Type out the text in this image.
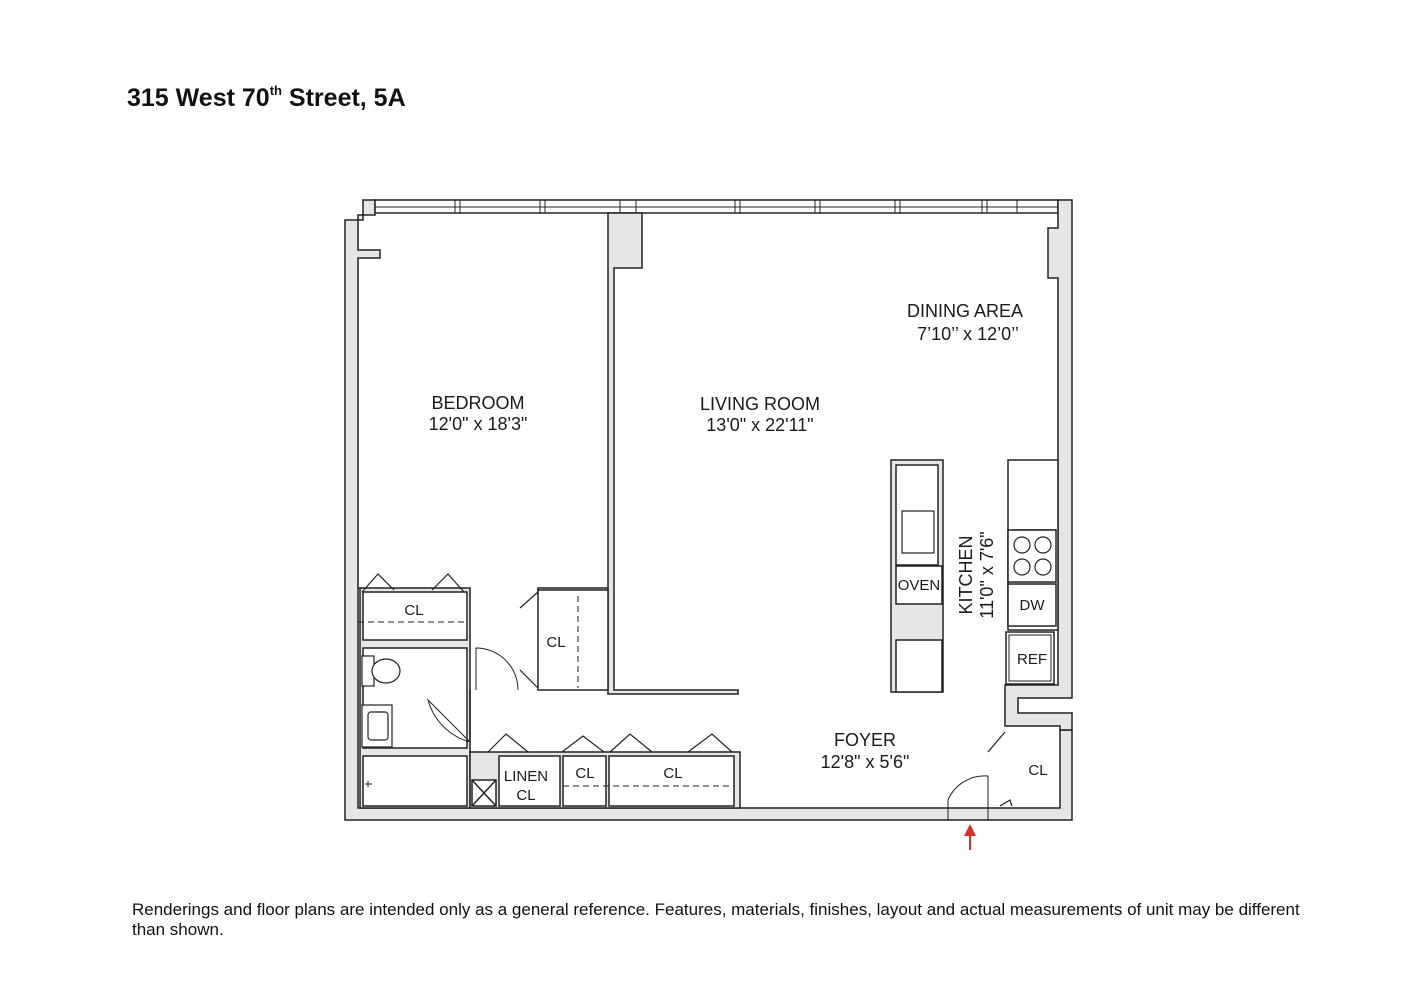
315 West 70th Street, 5A
BEDROOM
12'0" x 18'3"
LIVING ROOM
13'0" x 22'11"
DINING AREA
7’10’’ x 12’0’’
FOYER
12'8" x 5'6"
KITCHEN 11'0" x 7'6"
OVEN
DW
REF
CL
CL
LINEN
CL
CL	CL	CL
Renderings and floor plans are intended only as a general reference. Features, materials, finishes, layout and actual measurements of unit may be different than shown.
